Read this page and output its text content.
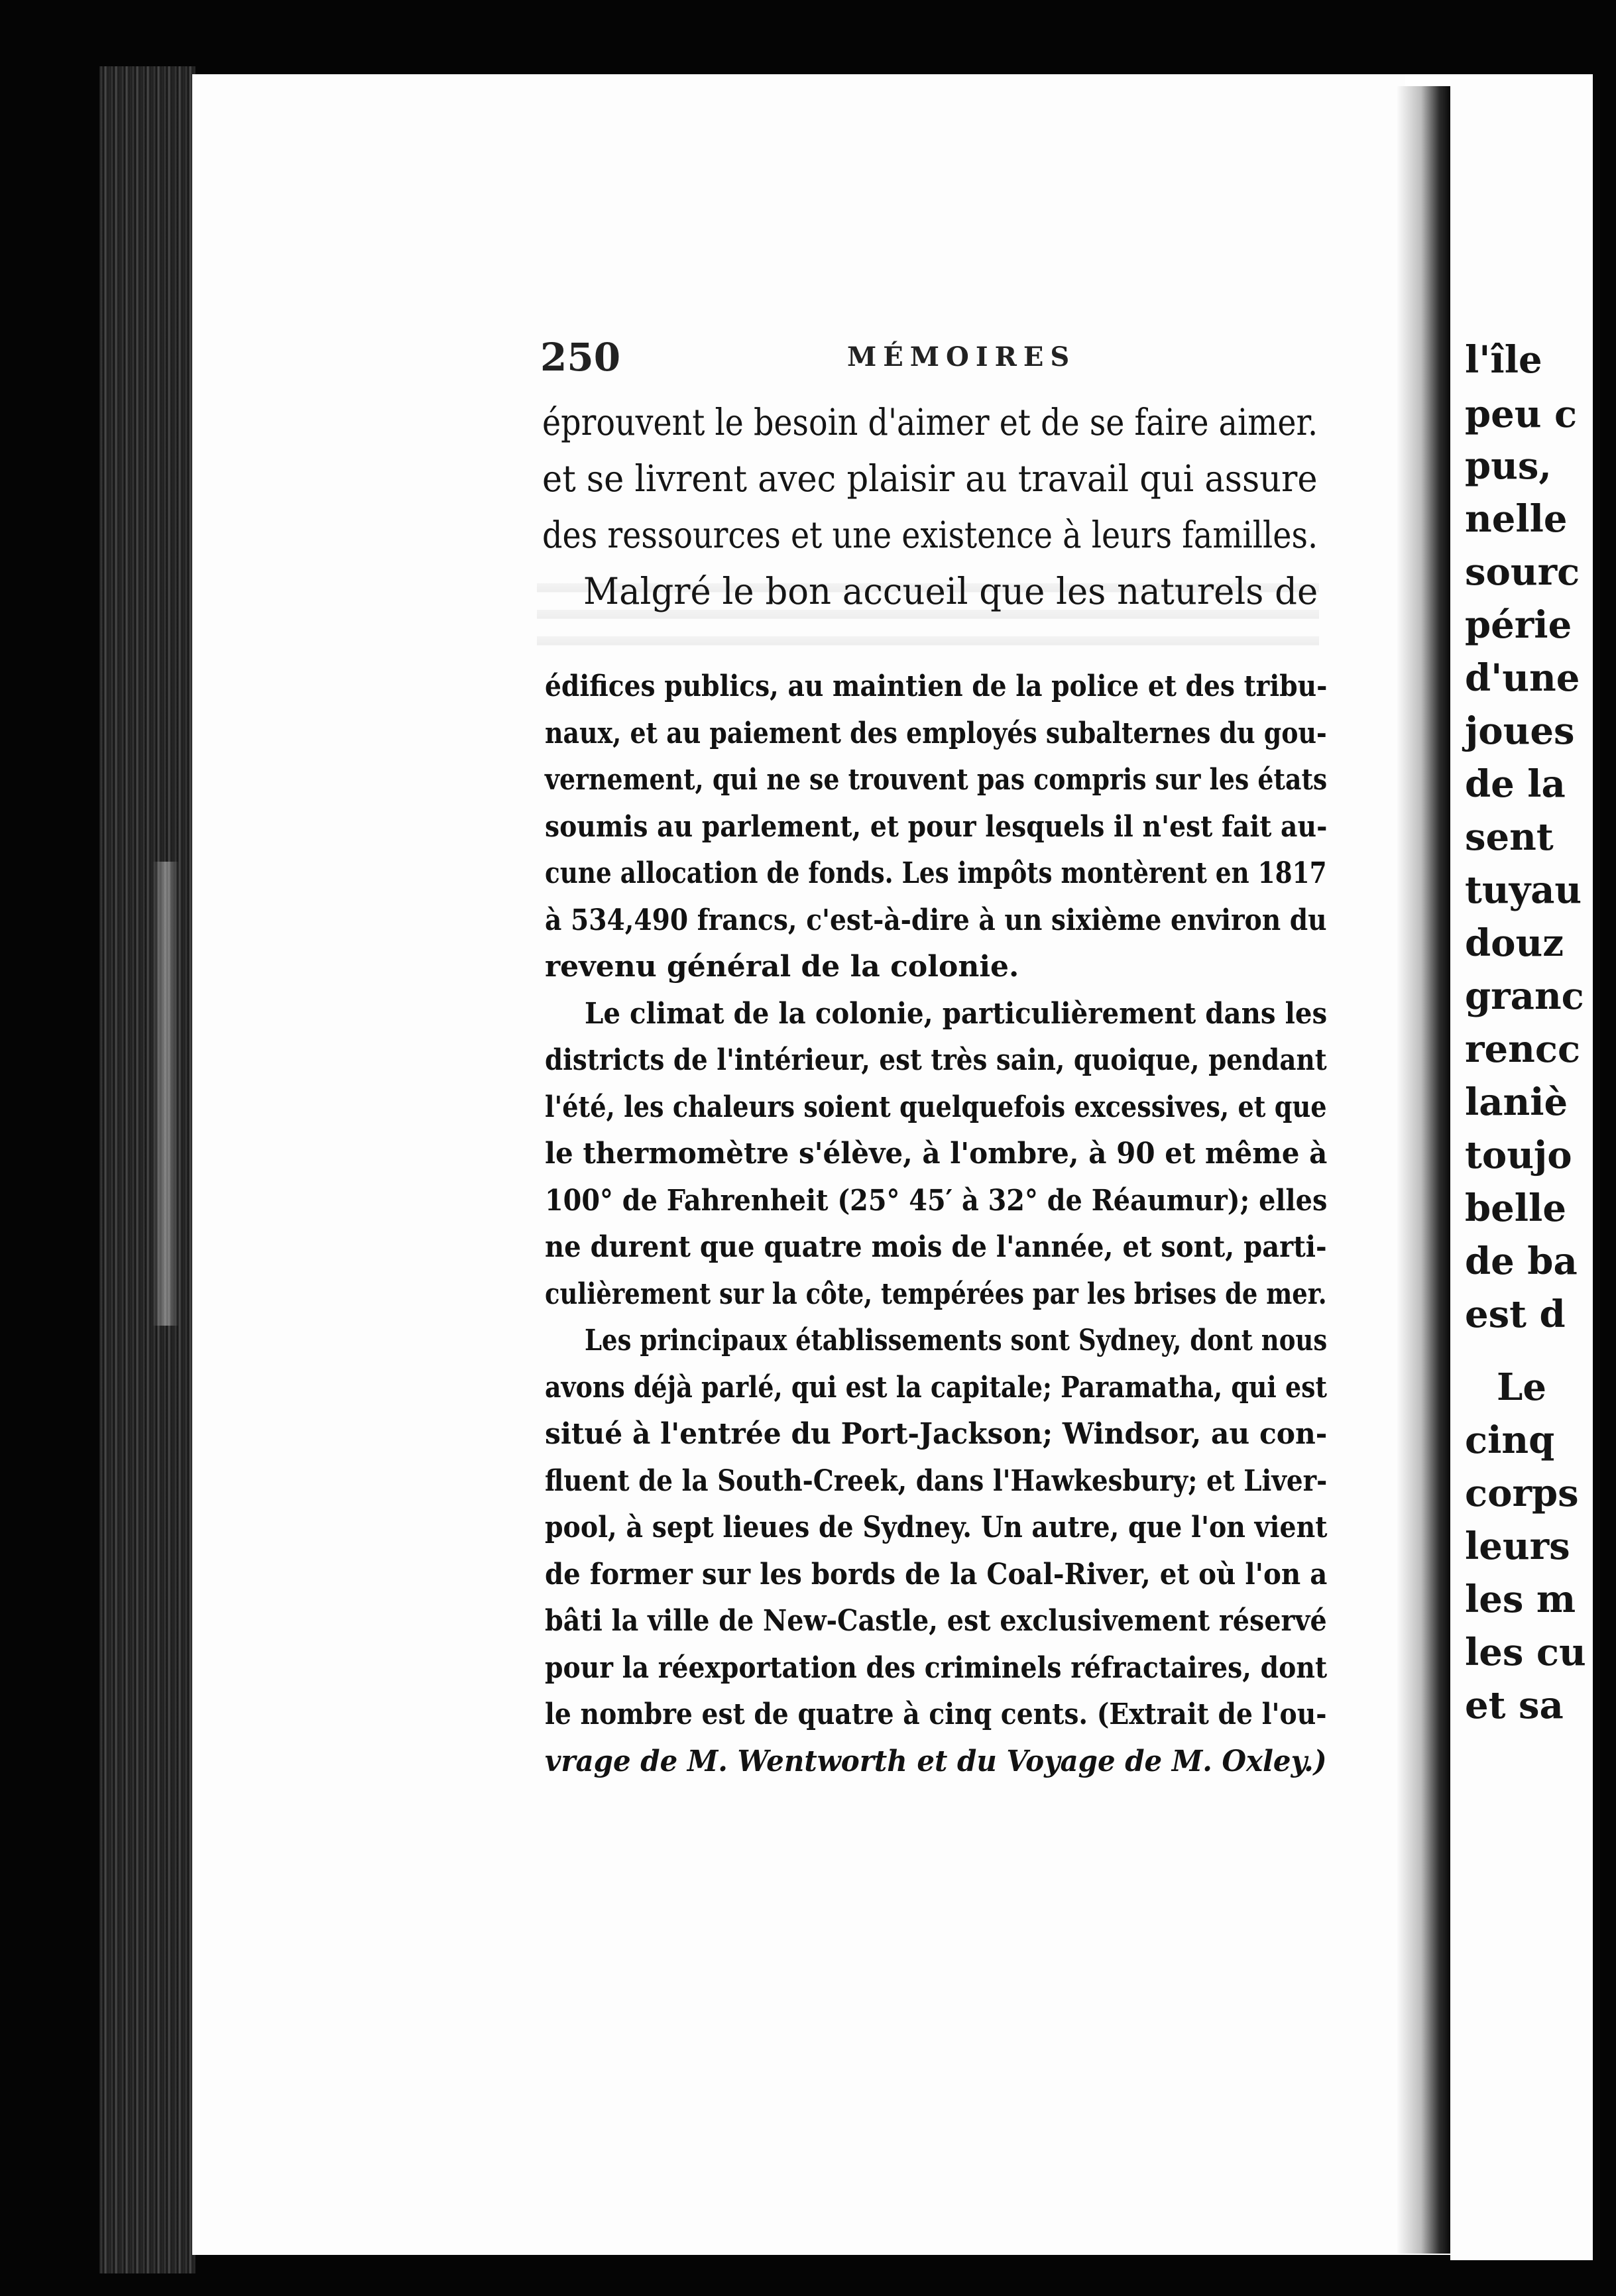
l'île
peu c
pus,
nelle
sourc
périe
d'une
joues
de la
sent
tuyau
douz
granc
rencc
laniè
toujo
belle
de ba
est d
Le
cinq
corps
leurs
les m
les cu
et sa
250	MÉMOIRES
éprouvent le besoin d'aimer et de se faire aimer.
et se livrent avec plaisir au travail qui assure
des ressources et une existence à leurs familles.
Malgré le bon accueil que les naturels de
édifices publics, au maintien de la police et des tribu-
naux, et au paiement des employés subalternes du gou-
vernement, qui ne se trouvent pas compris sur les états
soumis au parlement, et pour lesquels il n'est fait au-
cune allocation de fonds. Les impôts montèrent en 1817
à 534,490 francs, c'est-à-dire à un sixième environ du
revenu général de la colonie.
Le climat de la colonie, particulièrement dans les
districts de l'intérieur, est très sain, quoique, pendant
l'été, les chaleurs soient quelquefois excessives, et que
le thermomètre s'élève, à l'ombre, à 90 et même à
100° de Fahrenheit (25° 45′ à 32° de Réaumur); elles
ne durent que quatre mois de l'année, et sont, parti-
culièrement sur la côte, tempérées par les brises de mer.
Les principaux établissements sont Sydney, dont nous
avons déjà parlé, qui est la capitale; Paramatha, qui est
situé à l'entrée du Port-Jackson; Windsor, au con-
fluent de la South-Creek, dans l'Hawkesbury; et Liver-
pool, à sept lieues de Sydney. Un autre, que l'on vient
de former sur les bords de la Coal-River, et où l'on a
bâti la ville de New-Castle, est exclusivement réservé
pour la réexportation des criminels réfractaires, dont
le nombre est de quatre à cinq cents. (Extrait de l'ou-
vrage de M. Wentworth et du Voyage de M. Oxley.)
